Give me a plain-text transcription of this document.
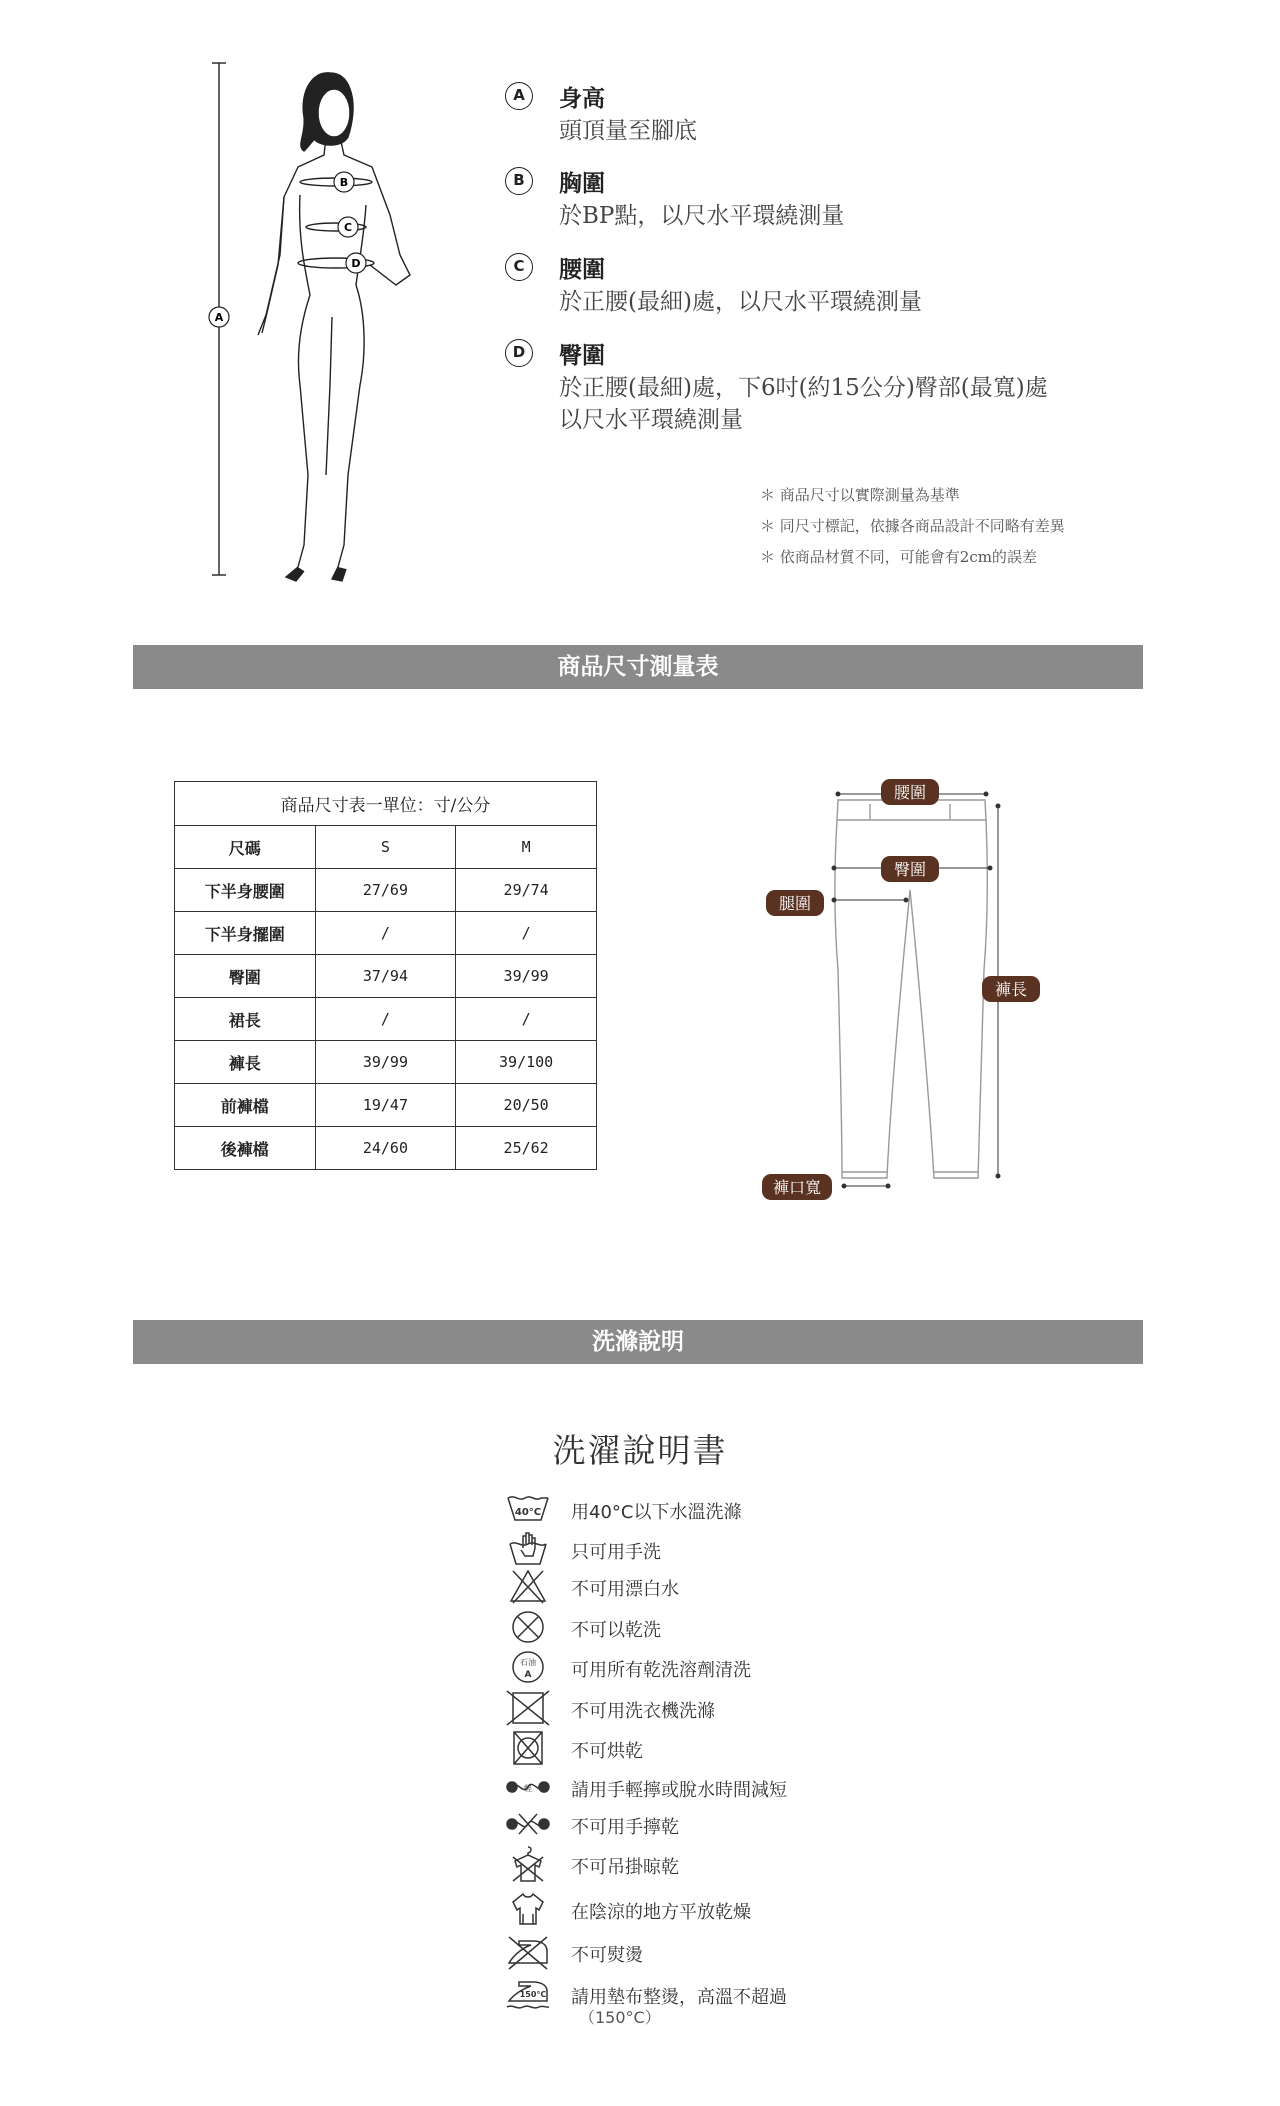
A
B
C
D
A	身高
頭頂量至腳底
B	胸圍
於BP點，以尺水平環繞測量
C	腰圍
於正腰(最細)處，以尺水平環繞測量
D	臀圍
於正腰(最細)處，下6吋(約15公分)臀部(最寬)處
以尺水平環繞測量
＊ 商品尺寸以實際測量為基準
＊ 同尺寸標記，依據各商品設計不同略有差異
＊ 依商品材質不同，可能會有2cm的誤差
商品尺寸測量表
商品尺寸表一單位：寸/公分		
尺碼	S	M
下半身腰圍	27/69	29/74
下半身擺圍	/	/
臀圍	37/94	39/99
裙長	/	/
褲長	39/99	39/100
前褲檔	19/47	20/50
後褲檔	24/60	25/62
腰圍
臀圍
腿圍
褲長
褲口寬
洗滌說明
洗濯說明書
40°C 用40°C以下水溫洗滌
只可用手洗
不可用漂白水
不可以乾洗
石油
A 可用所有乾洗溶劑清洗
不可用洗衣機洗滌
不可烘乾
輕 請用手輕擰或脫水時間減短
不可用手擰乾
不可吊掛晾乾
在陰涼的地方平放乾燥
不可熨燙
150°C 請用墊布整燙，高溫不超過
（150°C）
